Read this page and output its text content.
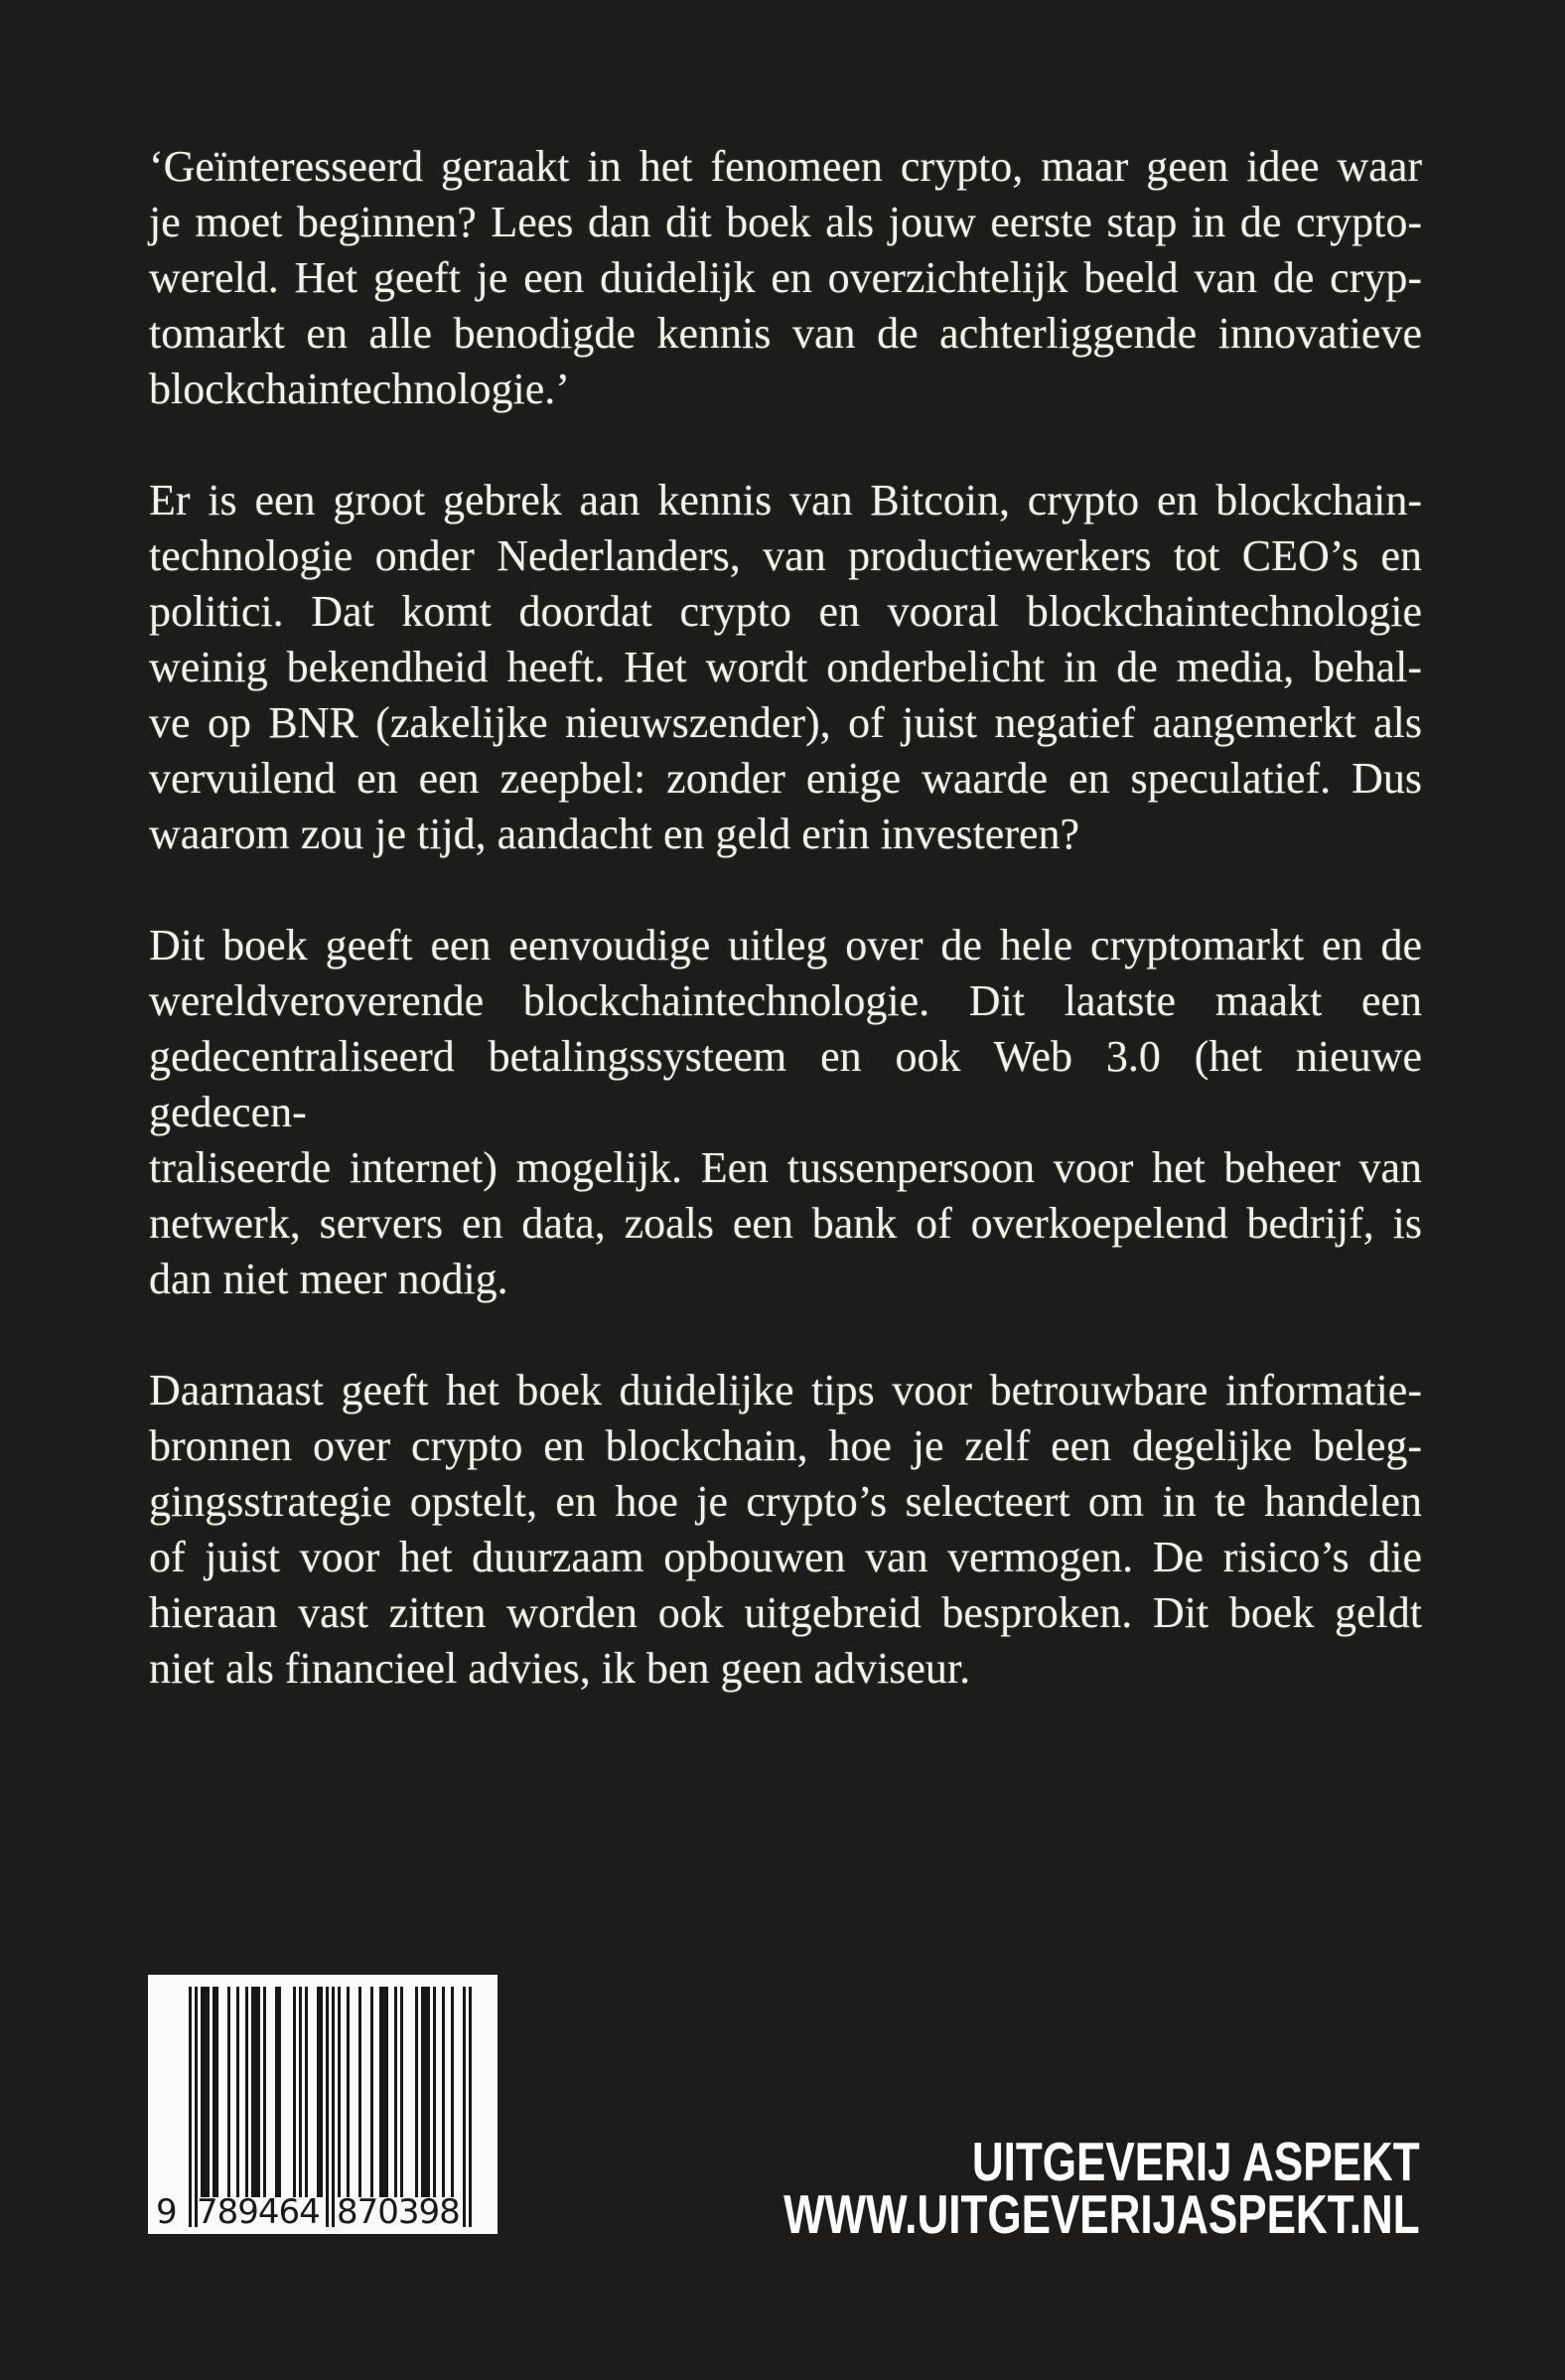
‘Geïnteresseerd geraakt in het fenomeen crypto, maar geen idee waar
je moet beginnen? Lees dan dit boek als jouw eerste stap in de crypto-
wereld. Het geeft je een duidelijk en overzichtelijk beeld van de cryp-
tomarkt en alle benodigde kennis van de achterliggende innovatieve
blockchaintechnologie.’

Er is een groot gebrek aan kennis van Bitcoin, crypto en blockchain-
technologie onder Nederlanders, van productiewerkers tot CEO’s en
politici. Dat komt doordat crypto en vooral blockchaintechnologie
weinig bekendheid heeft. Het wordt onderbelicht in de media, behal-
ve op BNR (zakelijke nieuwszender), of juist negatief aangemerkt als
vervuilend en een zeepbel: zonder enige waarde en speculatief. Dus
waarom zou je tijd, aandacht en geld erin investeren?

Dit boek geeft een eenvoudige uitleg over de hele cryptomarkt en de
wereldveroverende blockchaintechnologie. Dit laatste maakt een
gedecentraliseerd betalingssysteem en ook Web 3.0 (het nieuwe gedecen-
traliseerde internet) mogelijk. Een tussenpersoon voor het beheer van
netwerk, servers en data, zoals een bank of overkoepelend bedrijf, is
dan niet meer nodig.

Daarnaast geeft het boek duidelijke tips voor betrouwbare informatie-
bronnen over crypto en blockchain, hoe je zelf een degelijke beleg-
gingsstrategie opstelt, en hoe je crypto’s selecteert om in te handelen
of juist voor het duurzaam opbouwen van vermogen. De risico’s die
hieraan vast zitten worden ook uitgebreid besproken. Dit boek geldt
niet als financieel advies, ik ben geen adviseur.

9 789464 870398
UITGEVERIJ ASPEKT
WWW.UITGEVERIJASPEKT.NL
